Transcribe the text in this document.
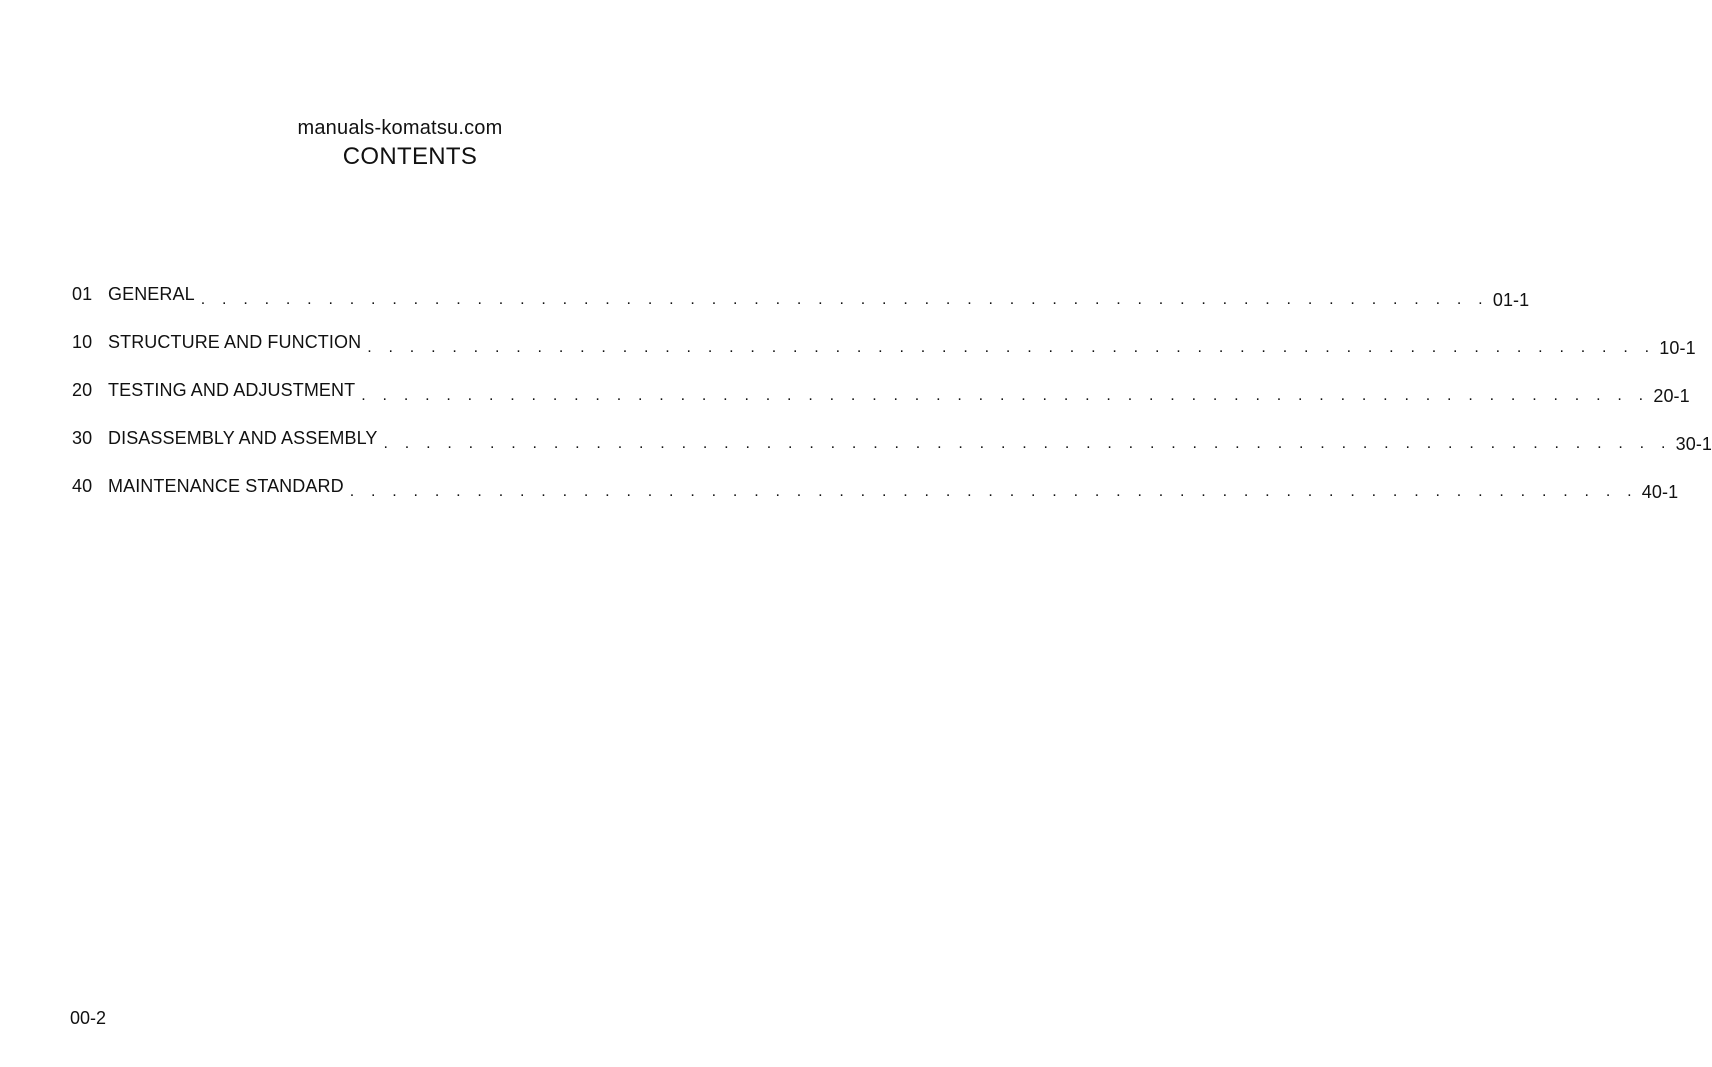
manuals-komatsu.com
CONTENTS
01 GENERAL . . . . . . . . . . . . . . . . . . . . . . . . . . . . . . . . . . . . . . . . . . . . . . . . . . . . . . . . . . . . . 01-1
10 STRUCTURE AND FUNCTION . . . . . . . . . . . . . . . . . . . . . . . . . . . . . . . . . . . . . . . . . . . . . . . . . . . . . . . . . . . . . 10-1
20 TESTING AND ADJUSTMENT . . . . . . . . . . . . . . . . . . . . . . . . . . . . . . . . . . . . . . . . . . . . . . . . . . . . . . . . . . . . . 20-1
30 DISASSEMBLY AND ASSEMBLY . . . . . . . . . . . . . . . . . . . . . . . . . . . . . . . . . . . . . . . . . . . . . . . . . . . . . . . . . . . . . 30-1
40 MAINTENANCE STANDARD . . . . . . . . . . . . . . . . . . . . . . . . . . . . . . . . . . . . . . . . . . . . . . . . . . . . . . . . . . . . . 40-1
00-2
